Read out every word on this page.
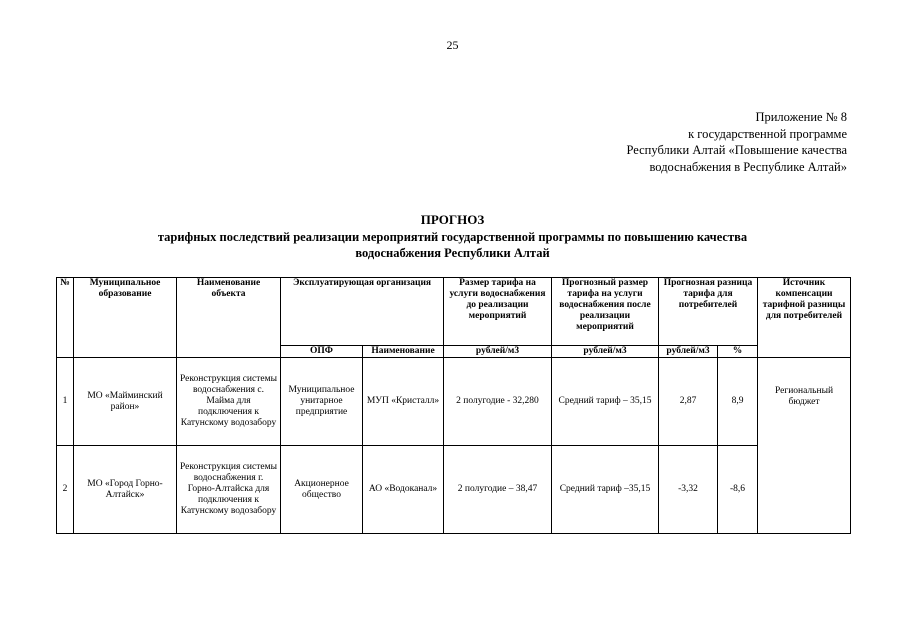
25
Приложение № 8
к государственной программе
Республики Алтай «Повышение качества
водоснабжения в Республике Алтай»
ПРОГНОЗ
тарифных последствий реализации мероприятий государственной программы по повышению качества
водоснабжения Республики Алтай
№	Муниципальное образование	Наименование объекта	Эксплуатирующая организация		Размер тарифа на услуги водоснабжения до реализации мероприятий	Прогнозный размер тарифа на услуги водоснабжения после реализации мероприятий	Прогнозная разница тарифа для потребителей		Источник компенсации тарифной разницы для потребителей
			ОПФ	Наименование	рублей/м3	рублей/м3	рублей/м3	%	
1	МО «Майминский район»	Реконструкция системы водоснабжения с. Майма для подключения к Катунскому водозабору	Муниципальное унитарное предприятие	МУП «Кристалл»	2 полугодие - 32,280	Средний тариф – 35,15	2,87	8,9	Региональный бюджет
2	МО «Город Горно-Алтайск»	Реконструкция системы водоснабжения г. Горно-Алтайска для подключения к Катунскому водозабору	Акционерное общество	АО «Водоканал»	2 полугодие – 38,47	Средний тариф –35,15	-3,32	-8,6	
